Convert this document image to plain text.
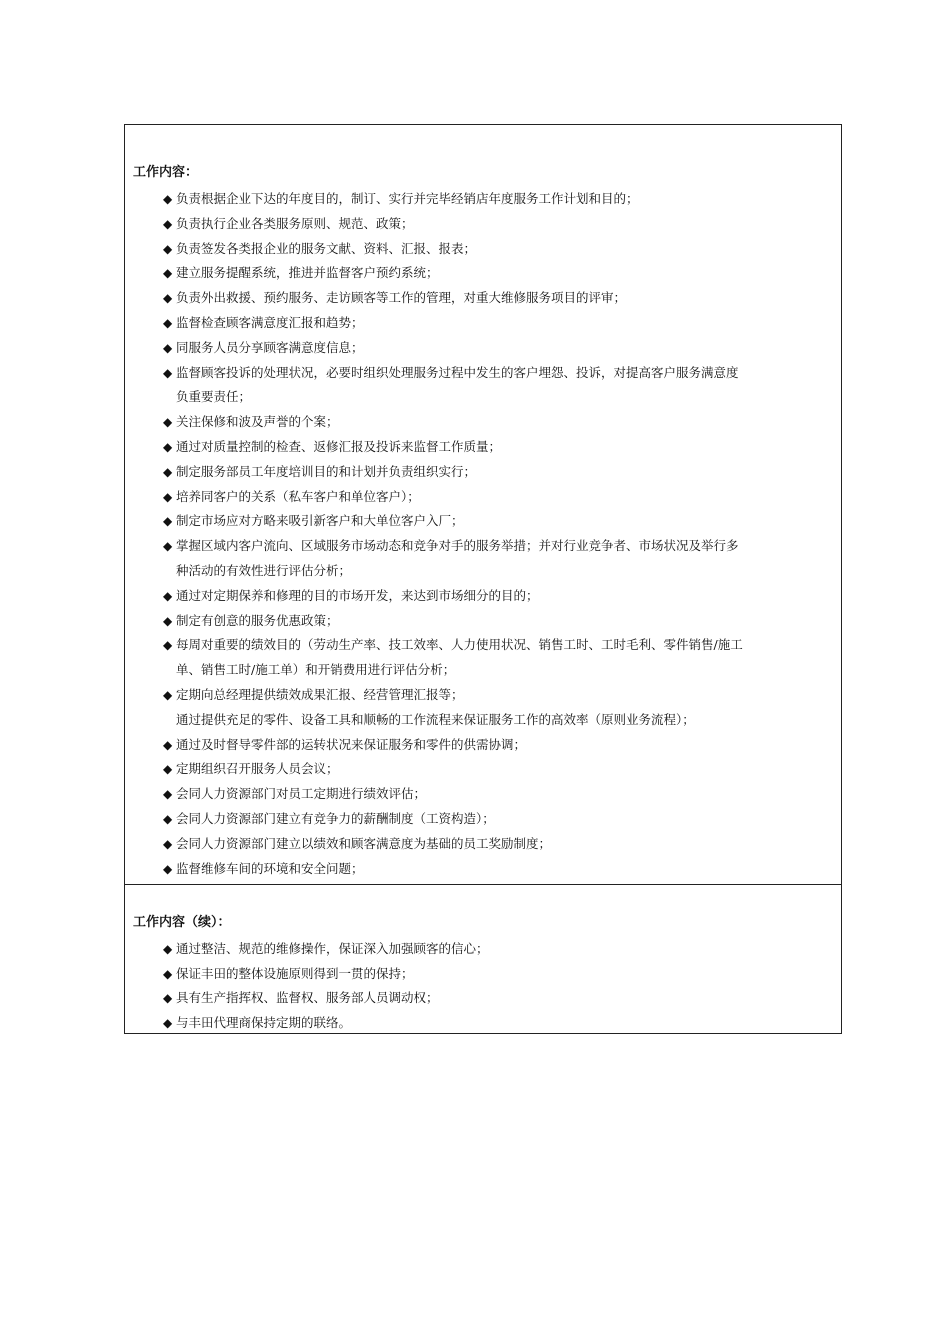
工作内容：
◆ 负责根据企业下达的年度目的，制订、实行并完毕经销店年度服务工作计划和目的；
◆ 负责执行企业各类服务原则、规范、政策；
◆ 负责签发各类报企业的服务文献、资料、汇报、报表；
◆ 建立服务提醒系统，推进并监督客户预约系统；
◆ 负责外出救援、预约服务、走访顾客等工作的管理，对重大维修服务项目的评审；
◆ 监督检查顾客满意度汇报和趋势；
◆ 同服务人员分享顾客满意度信息；
◆ 监督顾客投诉的处理状况，必要时组织处理服务过程中发生的客户埋怨、投诉，对提高客户服务满意度
负重要责任；
◆ 关注保修和波及声誉的个案；
◆ 通过对质量控制的检查、返修汇报及投诉来监督工作质量；
◆ 制定服务部员工年度培训目的和计划并负责组织实行；
◆ 培养同客户的关系（私车客户和单位客户）；
◆ 制定市场应对方略来吸引新客户和大单位客户入厂；
◆ 掌握区域内客户流向、区域服务市场动态和竞争对手的服务举措；并对行业竞争者、市场状况及举行多
种活动的有效性进行评估分析；
◆ 通过对定期保养和修理的目的市场开发，来达到市场细分的目的；
◆ 制定有创意的服务优惠政策；
◆ 每周对重要的绩效目的（劳动生产率、技工效率、人力使用状况、销售工时、工时毛利、零件销售/施工
单、销售工时/施工单）和开销费用进行评估分析；
◆ 定期向总经理提供绩效成果汇报、经营管理汇报等；
通过提供充足的零件、设备工具和顺畅的工作流程来保证服务工作的高效率（原则业务流程）；
◆ 通过及时督导零件部的运转状况来保证服务和零件的供需协调；
◆ 定期组织召开服务人员会议；
◆ 会同人力资源部门对员工定期进行绩效评估；
◆ 会同人力资源部门建立有竞争力的薪酬制度（工资构造）；
◆ 会同人力资源部门建立以绩效和顾客满意度为基础的员工奖励制度；
◆ 监督维修车间的环境和安全问题；
工作内容（续）：
◆ 通过整洁、规范的维修操作，保证深入加强顾客的信心；
◆ 保证丰田的整体设施原则得到一贯的保持；
◆ 具有生产指挥权、监督权、服务部人员调动权；
◆ 与丰田代理商保持定期的联络。
